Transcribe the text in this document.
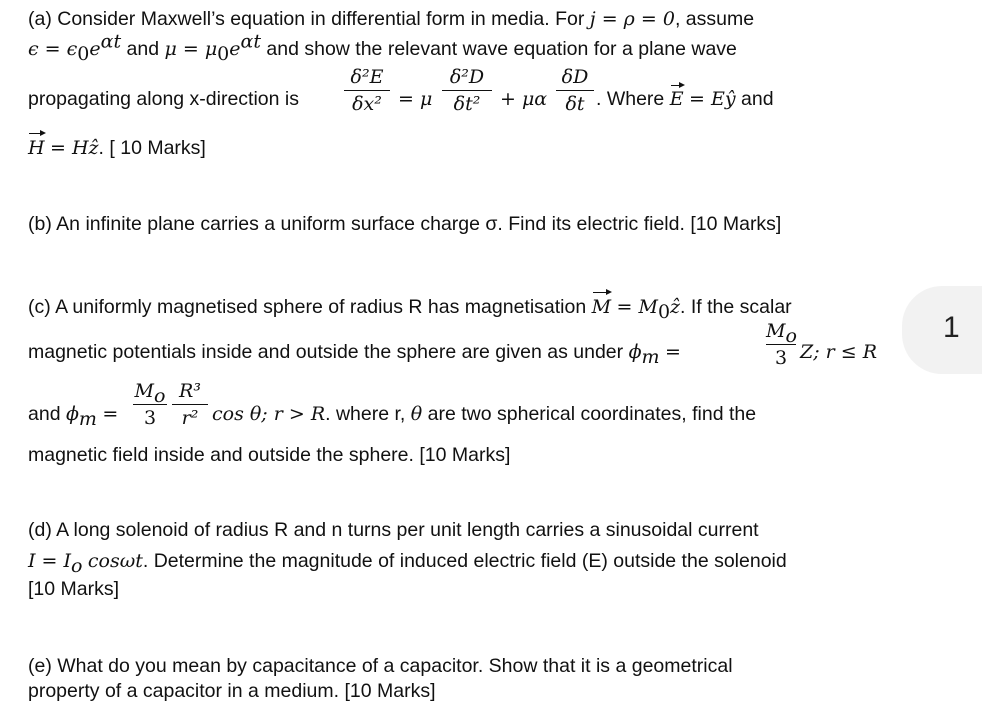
(a) Consider Maxwell’s equation in differential form in media. For j = ρ = 0, assume
$\epsilon = \epsilon_0e^{\alpha t}$ and $\mu = \mu_0e^{\alpha t}$ and show the relevant wave equation for a plane wave
propagating along x-direction is
δ²E
δx² = μ
δ²D
δt²	+ μα
δD
δt . Where E = Eŷ and
H = Hẑ. [ 10 Marks]
(b) An infinite plane carries a uniform surface charge σ. Find its electric field. [10 Marks]
(c) A uniformly magnetised sphere of radius R has magnetisation $M = M_0ẑ$. If the scalar
magnetic potentials inside and outside the sphere are given as under $\phi_m$ =
$M_o$
3 Z; r ≤ R
and $\phi_m$ =
$M_o$
3
R³
r² cos θ; r > R. where r, θ are two spherical coordinates, find the
magnetic field inside and outside the sphere. [10 Marks]
(d) A long solenoid of radius R and n turns per unit length carries a sinusoidal current
$I = I_o$ cosωt. Determine the magnitude of induced electric field (E) outside the solenoid
[10 Marks]
(e) What do you mean by capacitance of a capacitor. Show that it is a geometrical
property of a capacitor in a medium. [10 Marks]
1
